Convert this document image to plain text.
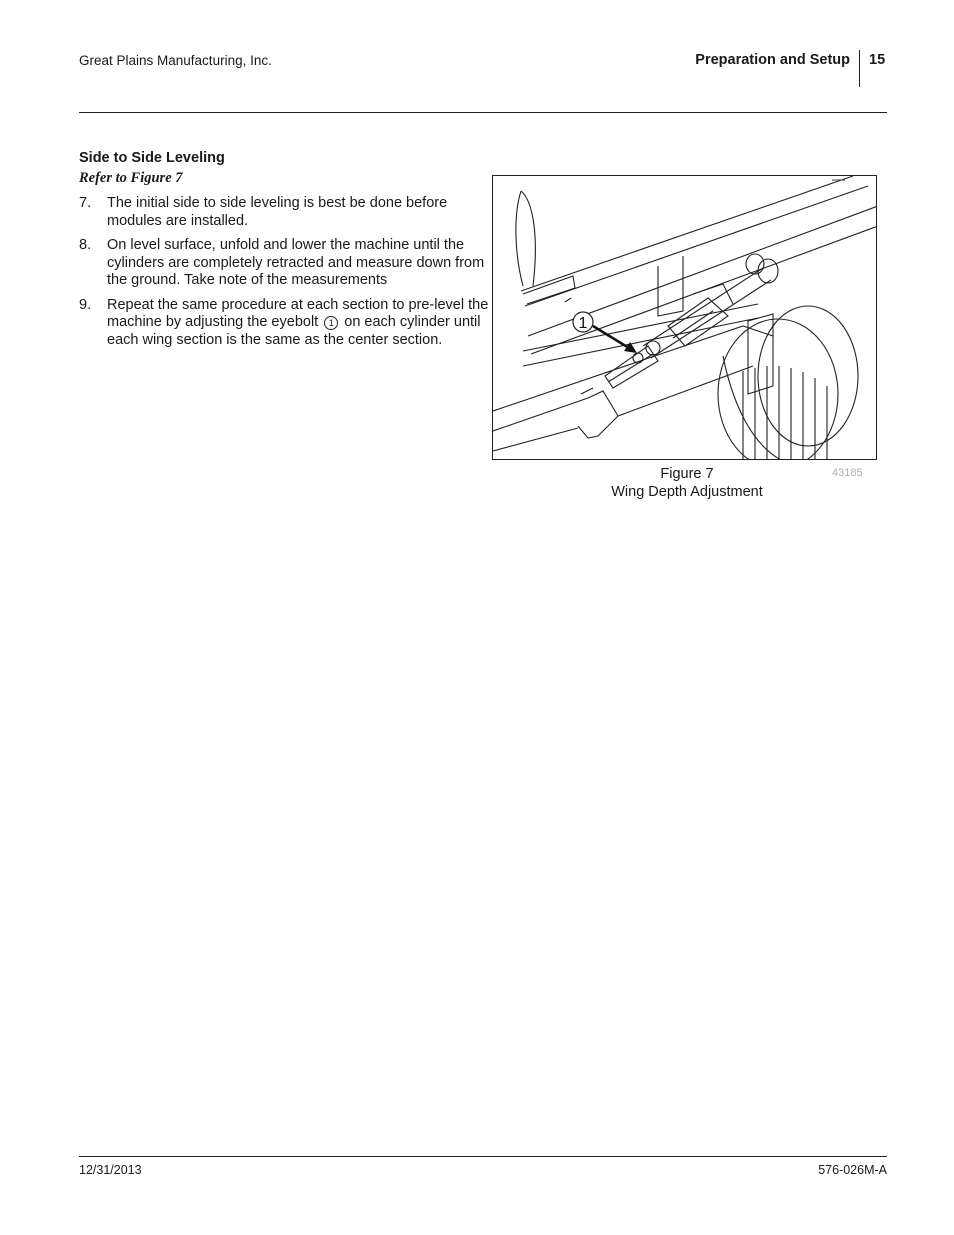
Great Plains Manufacturing, Inc.	Preparation and Setup 15
Side to Side Leveling
Refer to Figure 7
7.	The initial side to side leveling is best be done before modules are installed.
8.	On level surface, unfold and lower the machine until the cylinders are completely retracted and measure down from the ground. Take note of the measurements
9.	Repeat the same procedure at each section to pre-level the machine by adjusting the eyebolt 1 on each cylinder until each wing section is the same as the center section.
1
Figure 7
Wing Depth Adjustment
43185
12/31/2013	576-026M-A
